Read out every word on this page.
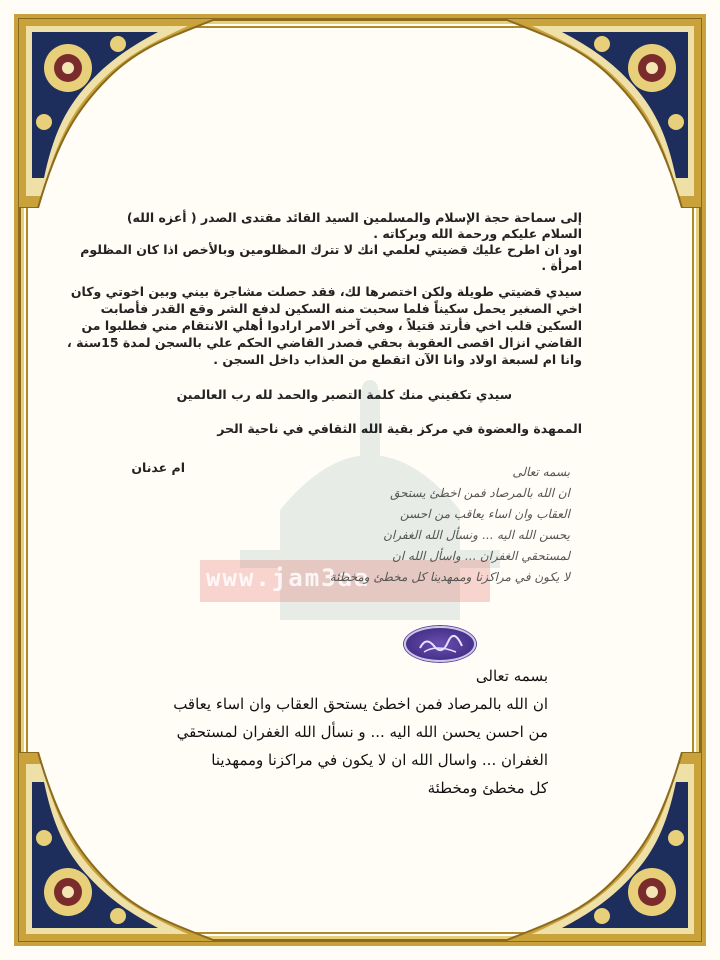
www.jam3aa
إلى سماحة حجة الإسلام والمسلمين السيد القائد مقتدى الصدر ( أعزه الله)
السلام عليكم ورحمة الله وبركاته .
اود ان اطرح عليك قضيتي لعلمي انك لا تترك المظلومين وبالأخص اذا كان المظلوم
امرأة .
سيدي قضيتي طويلة ولكن اختصرها لك، فقد حصلت مشاجرة بيني وبين اخوتي وكان
اخي الصغير يحمل سكيناً فلما سحبت منه السكين لدفع الشر وقع القدر فأصابت
السكين قلب اخي فأرتد قتيلاً ، وفي آخر الامر ارادوا أهلي الانتقام مني فطلبوا من
القاضي انزال اقصى العقوبة بحقي فصدر القاضي الحكم علي بالسجن لمدة 15سنة ،
وانا ام لسبعة اولاد وانا الآن اتقطع من العذاب داخل السجن .
سيدي تكفيني منك كلمة التصبر والحمد لله رب العالمين
الممهدة والعضوة في مركز بقية الله الثقافي في ناحية الحر
ام عدنان	بسمه تعالى
ان الله بالمرصاد فمن اخطئ يستحق
العقاب وان اساء يعاقب من احسن
يحسن الله اليه ... ونسأل الله الغفران
لمستحقي الغفران ... واسأل الله ان
لا يكون في مراكزنا وممهدينا كل مخطئ ومخطئة
بسمه تعالى
ان الله بالمرصاد فمن اخطئ يستحق العقاب وان اساء يعاقب
من احسن يحسن الله اليه ... و نسأل الله الغفران لمستحقي
الغفران ... واسال الله ان لا يكون في مراكزنا وممهدينا
كل مخطئ ومخطئة
